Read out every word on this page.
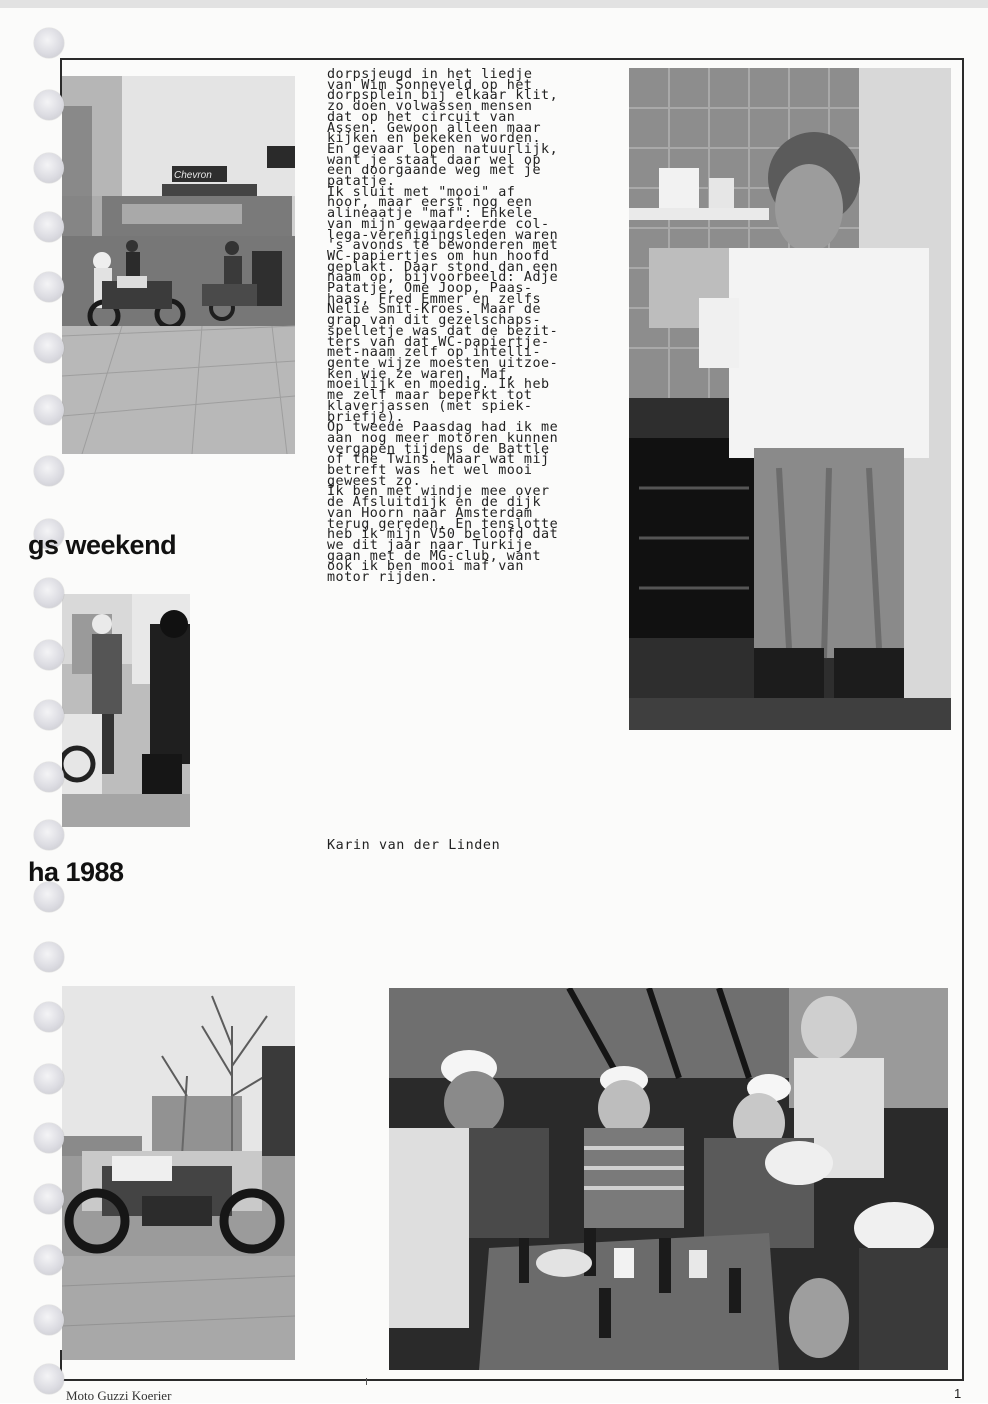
Chevron
gs weekend
ha 1988
dorpsjeugd in het liedje
van Wim Sonneveld op het
dorpsplein bij elkaar klit,
zo doen volwassen mensen
dat op het circuit van
Assen. Gewoon alleen maar
kijken en bekeken worden.
En gevaar lopen natuurlijk,
want je staat daar wel op
een doorgaande weg met je
patatje.
Ik sluit met "mooi" af
hoor, maar eerst nog een
alineaatje "maf": Enkele
van mijn gewaardeerde col-
lega-verenigingsleden waren
's avonds te bewonderen met
WC-papiertjes om hun hoofd
geplakt. Daar stond dan een
naam op, bijvoorbeeld: Adje
Patatje, Ome Joop, Paas-
haas, Fred Emmer en zelfs
Nelie Smit-Kroes. Maar de
grap van dit gezelschaps-
spelletje was dat de bezit-
ters van dat WC-papiertje-
met-naam zelf op intelli-
gente wijze moesten uitzoe-
ken wie ze waren. Maf,
moeilijk en moedig. Ik heb
me zelf maar beperkt tot
klaverjassen (met spiek-
briefje).
Op tweede Paasdag had ik me
aan nog meer motoren kunnen
vergapen tijdens de Battle
of the Twins. Maar wat mij
betreft was het wel mooi
geweest zo.
Ik ben met windje mee over
de Afsluitdijk en de dijk
van Hoorn naar Amsterdam
terug gereden. En tenslotte
heb ik mijn V50 beloofd dat
we dit jaar naar Turkije
gaan met de MG-club, want
ook ik ben mooi maf van
motor rijden.
Karin van der Linden
Moto Guzzi Koerier	1
